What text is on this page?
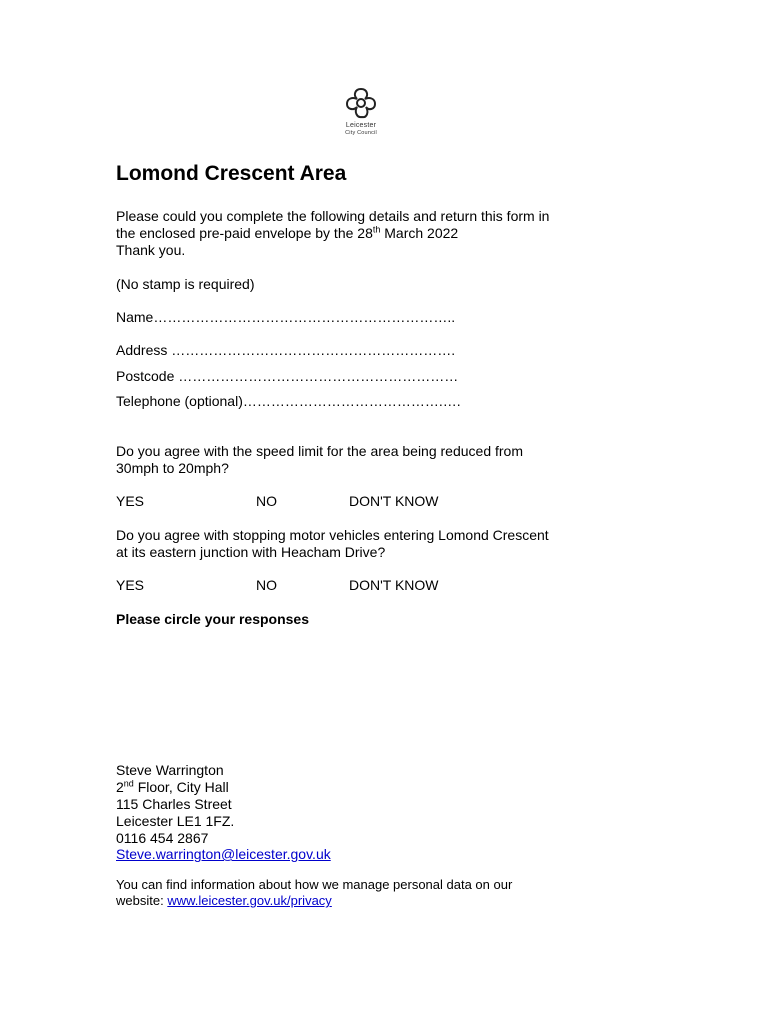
Leicester
City Council
Lomond Crescent Area
Please could you complete the following details and return this form in
the enclosed pre-paid envelope by the 28th March 2022
Thank you.
(No stamp is required)
Name………………………………………………………..
Address …………………………………………………….
Postcode ……………………………………………………
Telephone (optional)…………………………………….….
Do you agree with the speed limit for the area being reduced from
30mph to 20mph?
YES	NO	DON'T KNOW
Do you agree with stopping motor vehicles entering Lomond Crescent
at its eastern junction with Heacham Drive?
YES	NO	DON'T KNOW
Please circle your responses
Steve Warrington
2nd Floor, City Hall
115 Charles Street
Leicester LE1 1FZ.
0116 454 2867
Steve.warrington@leicester.gov.uk
You can find information about how we manage personal data on our
website: www.leicester.gov.uk/privacy
